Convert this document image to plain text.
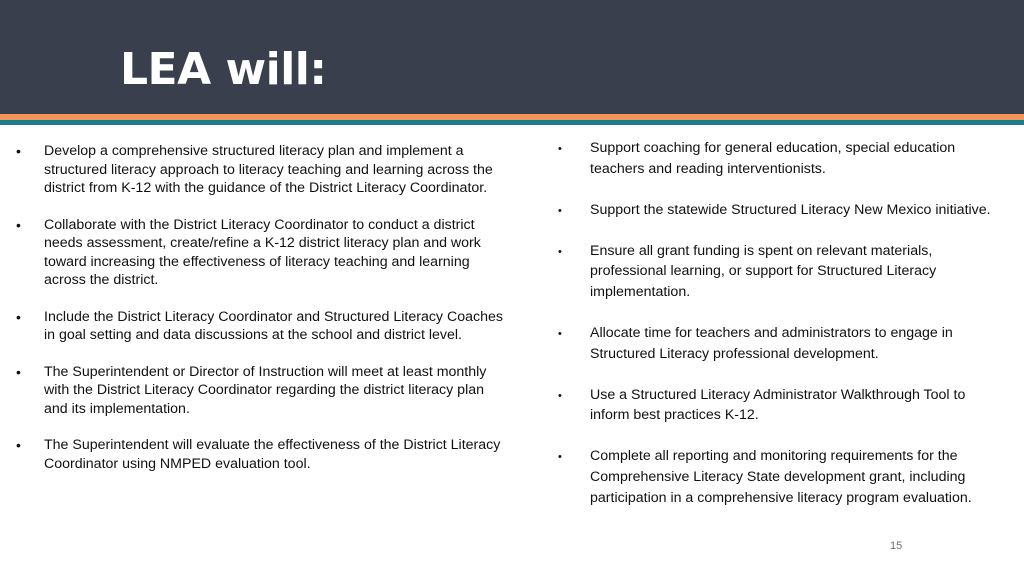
LEA will:
• Develop a comprehensive structured literacy plan and implement a structured literacy approach to literacy teaching and learning across the district from K-12 with the guidance of the District Literacy Coordinator.
• Collaborate with the District Literacy Coordinator to conduct a district needs assessment, create/refine a K-12 district literacy plan and work toward increasing the effectiveness of literacy teaching and learning across the district.
• Include the District Literacy Coordinator and Structured Literacy Coaches in goal setting and data discussions at the school and district level.
• The Superintendent or Director of Instruction will meet at least monthly with the District Literacy Coordinator regarding the district literacy plan and its implementation.
• The Superintendent will evaluate the effectiveness of the District Literacy Coordinator using NMPED evaluation tool.
• Support coaching for general education, special education teachers and reading interventionists.
• Support the statewide Structured Literacy New Mexico initiative.
• Ensure all grant funding is spent on relevant materials, professional learning, or support for Structured Literacy implementation.
• Allocate time for teachers and administrators to engage in Structured Literacy professional development.
• Use a Structured Literacy Administrator Walkthrough Tool to inform best practices K-12.
• Complete all reporting and monitoring requirements for the Comprehensive Literacy State development grant, including participation in a comprehensive literacy program evaluation.
15
